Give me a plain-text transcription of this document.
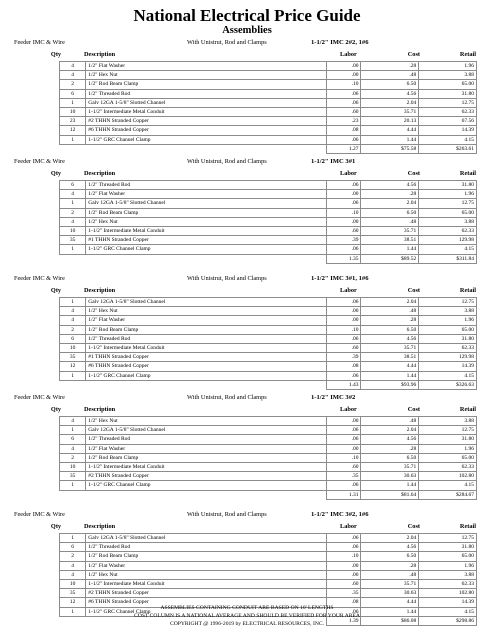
National Electrical Price Guide
Assemblies
Feeder IMC & Wire	With Unistrut, Rod and Clamps	1-1/2" IMC 2#2, 1#6
Qty	Description	Labor	Cost	Retail
4	1/2" Flat Washer	.00	.28	1.96
4	1/2" Hex Nut	.00	.48	3.88
2	1/2" Rod Beam Clamp	.10	6.50	65.00
6	1/2" Threaded Rod	.06	4.56	31.80
1	Galv 12GA 1-5/8" Slotted Channel	.06	2.04	12.75
10	1-1/2" Intermediate Metal Conduit	.60	35.71	62.33
23	#2 THHN Stranded Copper	.23	20.13	67.56
12	#6 THHN Stranded Copper	.08	4.44	14.39
1	1-1/2" GRC Channel Clamp	.06	1.44	4.15
		1.27	$75.58	$263.61
Feeder IMC & Wire	With Unistrut, Rod and Clamps	1-1/2" IMC 3#1
Qty	Description	Labor	Cost	Retail
6	1/2" Threaded Rod	.06	4.56	31.80
4	1/2" Flat Washer	.00	.28	1.96
1	Galv 12GA 1-5/8" Slotted Channel	.06	2.04	12.75
2	1/2" Rod Beam Clamp	.10	6.50	65.00
4	1/2" Hex Nut	.00	.48	3.88
10	1-1/2" Intermediate Metal Conduit	.60	35.71	62.33
35	#1 THHN Stranded Copper	.39	38.51	129.98
1	1-1/2" GRC Channel Clamp	.06	1.44	4.15
		1.35	$89.52	$311.84
Feeder IMC & Wire	With Unistrut, Rod and Clamps	1-1/2" IMC 3#1, 1#6
Qty	Description	Labor	Cost	Retail
1	Galv 12GA 1-5/8" Slotted Channel	.06	2.04	12.75
4	1/2" Hex Nut	.00	.48	3.88
4	1/2" Flat Washer	.00	.28	1.96
2	1/2" Rod Beam Clamp	.10	6.50	65.00
6	1/2" Threaded Rod	.06	4.56	31.80
10	1-1/2" Intermediate Metal Conduit	.60	35.71	62.33
35	#1 THHN Stranded Copper	.39	38.51	129.98
12	#6 THHN Stranded Copper	.08	4.44	14.39
1	1-1/2" GRC Channel Clamp	.06	1.44	4.15
		1.43	$93.96	$326.63
Feeder IMC & Wire	With Unistrut, Rod and Clamps	1-1/2" IMC 3#2
Qty	Description	Labor	Cost	Retail
4	1/2" Hex Nut	.00	.48	3.88
1	Galv 12GA 1-5/8" Slotted Channel	.06	2.04	12.75
6	1/2" Threaded Rod	.06	4.56	31.80
4	1/2" Flat Washer	.00	.28	1.96
2	1/2" Rod Beam Clamp	.10	6.50	65.00
10	1-1/2" Intermediate Metal Conduit	.60	35.71	62.33
35	#2 THHN Stranded Copper	.35	30.63	102.80
1	1-1/2" GRC Channel Clamp	.06	1.44	4.15
		1.31	$81.64	$284.67
Feeder IMC & Wire	With Unistrut, Rod and Clamps	1-1/2" IMC 3#2, 1#6
Qty	Description	Labor	Cost	Retail
1	Galv 12GA 1-5/8" Slotted Channel	.06	2.04	12.75
6	1/2" Threaded Rod	.06	4.56	31.80
2	1/2" Rod Beam Clamp	.10	6.50	65.00
4	1/2" Flat Washer	.00	.28	1.96
4	1/2" Hex Nut	.00	.48	3.88
10	1-1/2" Intermediate Metal Conduit	.60	35.71	62.33
35	#2 THHN Stranded Copper	.35	30.63	102.80
12	#6 THHN Stranded Copper	.08	4.44	14.39
1	1-1/2" GRC Channel Clamp	.06	1.44	4.15
		1.39	$86.08	$298.86
ASSEMBLIES CONTAINING CONDUIT ARE BASED ON 10' LENGTHS
COST COLUMN IS A NATIONAL AVERAGE AND SHOULD BE VERIFIED FOR YOUR AREA
COPYRIGHT @ 1996-2019 by ELECTRICAL RESOURCES, INC.
